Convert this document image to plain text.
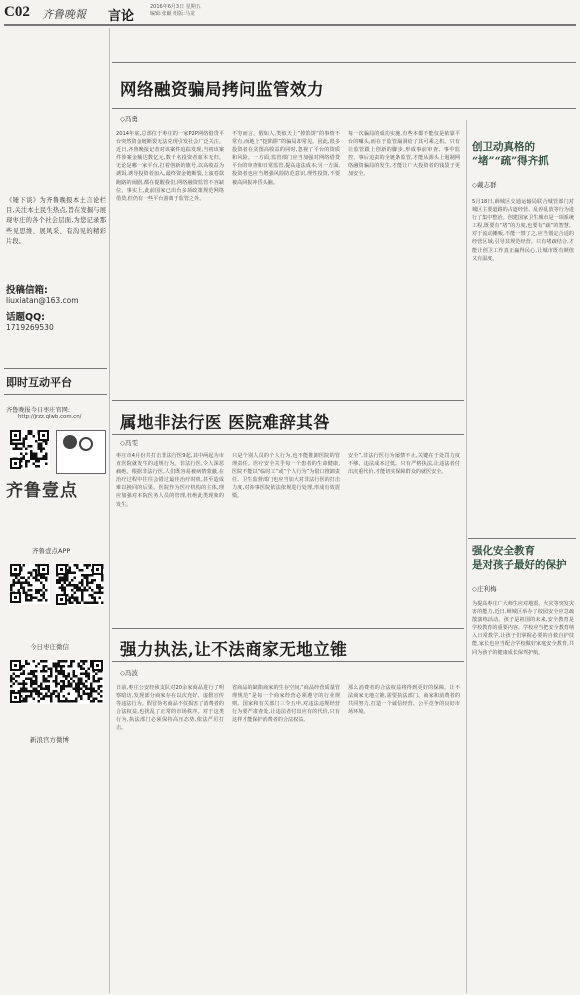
C02 齐鲁晚報 言论
2016年6月3日 星期五
编辑:张頔 组版:马龙
《锤下谈》为齐鲁晚报本土言论栏目,关注本土民生热点,旨在发掘与展现枣庄的各个社会层面,为您记录那些见思维、展风采、有沟见的精彩片段。
投稿信箱:
liuxiatan@163.com
话题QQ:
1719269530
即时互动平台
齐鲁晚报今日枣庄官网:
http://jrzz.qlwb.com.cn/
齐鲁壹点
齐鲁壹点APP
今日枣庄微信
新浪官方微博
网络融资骗局拷问监管效力
◇冯勇
2014年底,总部位于枣庄的一家P2P网络借贷平台突然资金链断裂无法兑现引发社会广泛关注。近日,齐鲁晚报记者对该案件追踪发现,当初该案件涉案金额达数亿元,数千名投资者血本无归。无论是哪一家平台,打着创新的旗号,以高收益为诱饵,诱导投资者加入,最终资金链断裂,上演卷款跑路的闹剧,都在提醒我们,网络融资监管不容缺位。事实上,此前国家已出台多项政策规范网络借贷,但仍有一些平台游离于监管之外。
不穷而言。假如人,类似天上“掉馅饼”的事情不常有,而地上“挖陷阱”的骗局却常见。因此,很多投资者在贪图高收益的同时,忽视了平台的资质和风险。一方面,监管部门应当加强对网络借贷平台的审查和日常监管,提高违法成本;另一方面,投资者也应当增强风险防范意识,理性投资,不要被高回报冲昏头脑。
每一次骗局的成功实施,有些本都不能仅是依靠平台的噱头,而在于监管漏洞给了其可乘之机。只有让监管跟上创新的脚步,形成事前审查、事中监控、事后追责的全链条监管,才能从源头上遏制网络融资骗局的发生,才能让广大投资者的钱袋子更加安全。
创卫动真格的
“堵”“疏”得齐抓
◇戴志群
5月18日,薛城区交通运输局联合城管部门对城区主要道路的占道经营、乱停乱放等行为进行了集中整治。创建国家卫生城市是一项系统工程,既要有“堵”的力度,也要有“疏”的智慧。对于流动摊贩,不能一禁了之,应当划定合适的经营区域,引导其规范经营。只有堵疏结合,才能让创卫工作真正赢得民心,让城市既有颜值又有温度。
属地非法行医 医院难辞其咎
◇冯雯
枣庄市4月份共打击非法行医9起,其中两起为市直医院就发生的违规行为。非法行医,令人深恶痛绝。根据非法行医,人们既容易被病情蒙蔽,在治疗过程中往往会错过最佳治疗时机,甚至造成难以挽回的后果。医院作为医疗机构的主体,理应加强对本院医务人员的管理,杜绝此类现象的发生。
只是个别人员的个人行为,也不能推卸医院的管理责任。医疗安全关乎每一个患者的生命健康,医院不能以“临时工”或“个人行为”为借口推卸责任。卫生监督部门也应当加大对非法行医的打击力度,对涉事医院依法依规进行处理,形成有效震慑。
安全”,非法行医行为屡禁不止,关键在于处罚力度不够、违法成本过低。只有严格执法,让违法者付出沉重代价,才能切实保障群众的就医安全。
强化安全教育
是对孩子最好的保护
◇庄利梅
为提高枣庄广大师生应对地震、火灾等突发灾害的能力,近日,峄城区举办了校园安全应急疏散演练活动。孩子是祖国的未来,安全教育是学校教育的重要内容。学校应当把安全教育纳入日常教学,让孩子们掌握必要的自救自护技能,家长也应当配合学校做好家庭安全教育,共同为孩子的健康成长保驾护航。
强力执法,让不法商家无地立锥
◇冯波
日前,枣庄公安经侦支队对20余家商品进行了明察暗访,发现部分商家存在以次充好、虚假宣传等违法行为。假冒伪劣商品不仅损害了消费者的合法权益,也扰乱了正常的市场秩序。对于这类行为,执法部门必须保持高压态势,依法严厉打击。
省商品的缺陷商家的生存空间,“商品经营质量管理规范”是每一个商家经营必须遵守的行业规则。国家和有关部门三令五申,对违法违规经营行为要严肃查处,让违法者付出应有的代价,只有这样才能保护消费者的合法权益。
那么消费者的合法权益将得到更好的保障。让不法商家无地立锥,需要执法部门、商家和消费者的共同努力,打造一个诚信经营、公平竞争的良好市场环境。
